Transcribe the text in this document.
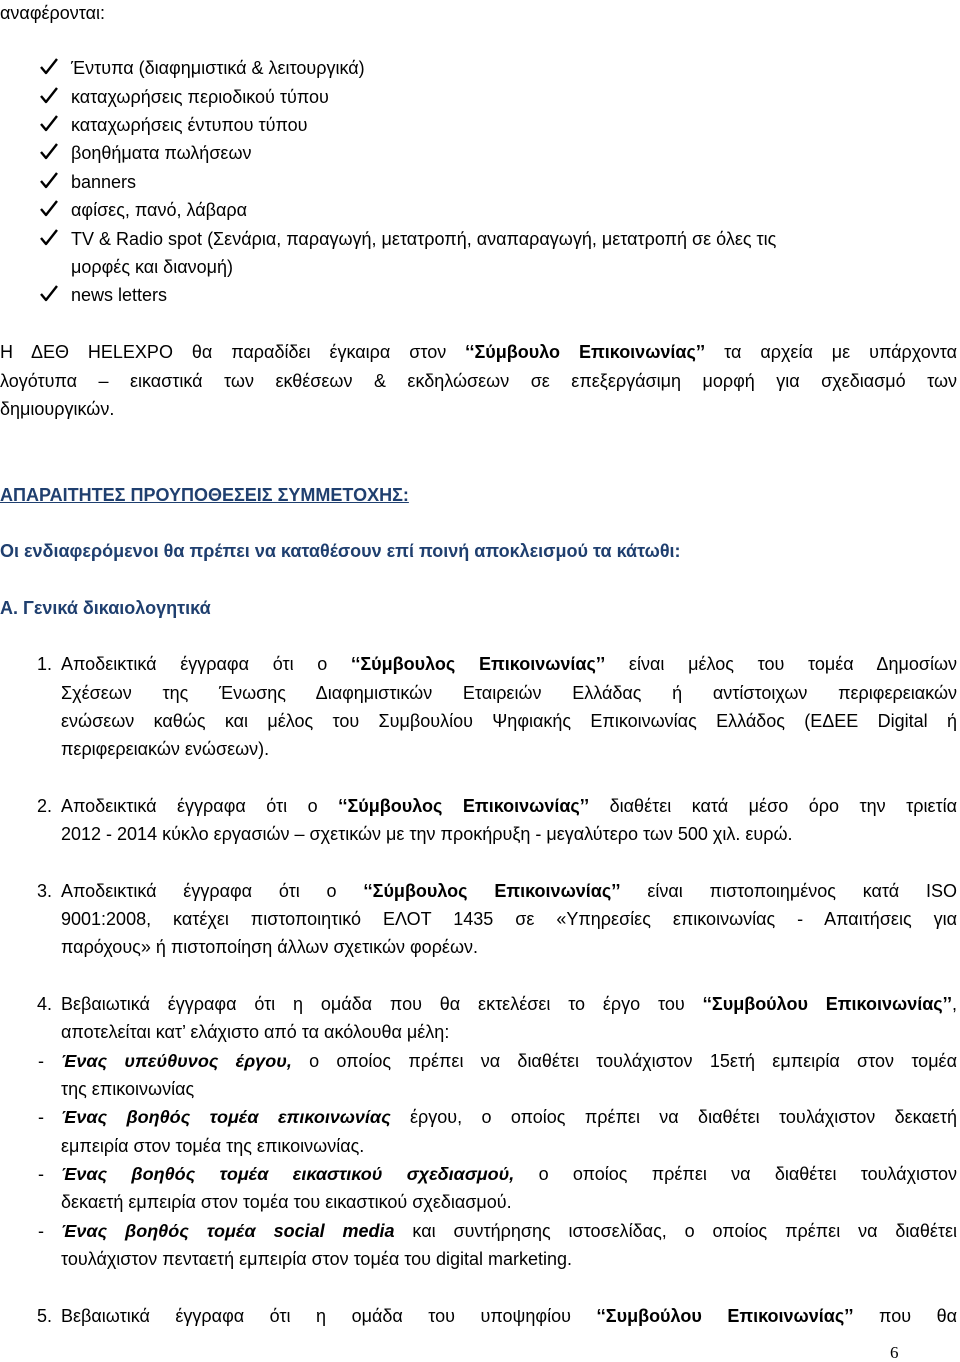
αναφέρονται:
Έντυπα (διαφημιστικά & λειτουργικά)
καταχωρήσεις περιοδικού τύπου
καταχωρήσεις έντυπου τύπου
βοηθήματα πωλήσεων
banners
αφίσες, πανό, λάβαρα
TV & Radio spot (Σενάρια, παραγωγή, μετατροπή, αναπαραγωγή, μετατροπή σε όλες τις
μορφές και διανομή)
news letters
Η ΔΕΘ HELEXPO θα παραδίδει έγκαιρα στον ‘‘Σύμβουλο Επικοινωνίας’’ τα αρχεία με υπάρχοντα
λογότυπα – εικαστικά των εκθέσεων & εκδηλώσεων σε επεξεργάσιμη μορφή για σχεδιασμό των
δημιουργικών.
ΑΠΑΡΑΙΤΗΤΕΣ ΠΡΟΥΠΟΘΕΣΕΙΣ ΣΥΜΜΕΤΟΧΗΣ:
Οι ενδιαφερόμενοι θα πρέπει να καταθέσουν επί ποινή αποκλεισμού τα κάτωθι:
Α. Γενικά δικαιολογητικά
1. Αποδεικτικά έγγραφα ότι ο ‘‘Σύμβουλος Επικοινωνίας’’ είναι μέλος του τομέα Δημοσίων
Σχέσεων της Ένωσης Διαφημιστικών Εταιρειών Ελλάδας ή αντίστοιχων περιφερειακών
ενώσεων καθώς και μέλος του Συμβουλίου Ψηφιακής Επικοινωνίας Ελλάδος (ΕΔΕΕ Digital ή
περιφερειακών ενώσεων).
2. Αποδεικτικά έγγραφα ότι ο ‘‘Σύμβουλος Επικοινωνίας’’ διαθέτει κατά μέσο όρο την τριετία
2012 - 2014 κύκλο εργασιών – σχετικών με την προκήρυξη - μεγαλύτερο των 500 χιλ. ευρώ.
3. Αποδεικτικά έγγραφα ότι ο ‘‘Σύμβουλος Επικοινωνίας’’ είναι πιστοποιημένος κατά ISO
9001:2008, κατέχει πιστοποιητικό ΕΛΟΤ 1435 σε «Υπηρεσίες επικοινωνίας - Απαιτήσεις για
παρόχους» ή πιστοποίηση άλλων σχετικών φορέων.
4. Βεβαιωτικά έγγραφα ότι η ομάδα που θα εκτελέσει το έργο του ‘‘Συμβούλου Επικοινωνίας’’,
αποτελείται κατ’ ελάχιστο από τα ακόλουθα μέλη:
- Ένας υπεύθυνος έργου, ο οποίος πρέπει να διαθέτει τουλάχιστον 15ετή εμπειρία στον τομέα
της επικοινωνίας
- Ένας βοηθός τομέα επικοινωνίας έργου, ο οποίος πρέπει να διαθέτει τουλάχιστον δεκαετή
εμπειρία στον τομέα της επικοινωνίας.
- Ένας βοηθός τομέα εικαστικού σχεδιασμού, ο οποίος πρέπει να διαθέτει τουλάχιστον
δεκαετή εμπειρία στον τομέα του εικαστικού σχεδιασμού.
- Ένας βοηθός τομέα social media και συντήρησης ιστοσελίδας, ο οποίος πρέπει να διαθέτει
τουλάχιστον πενταετή εμπειρία στον τομέα του digital marketing.
5. Βεβαιωτικά έγγραφα ότι η ομάδα του υποψηφίου ‘‘Συμβούλου Επικοινωνίας’’ που θα
6
